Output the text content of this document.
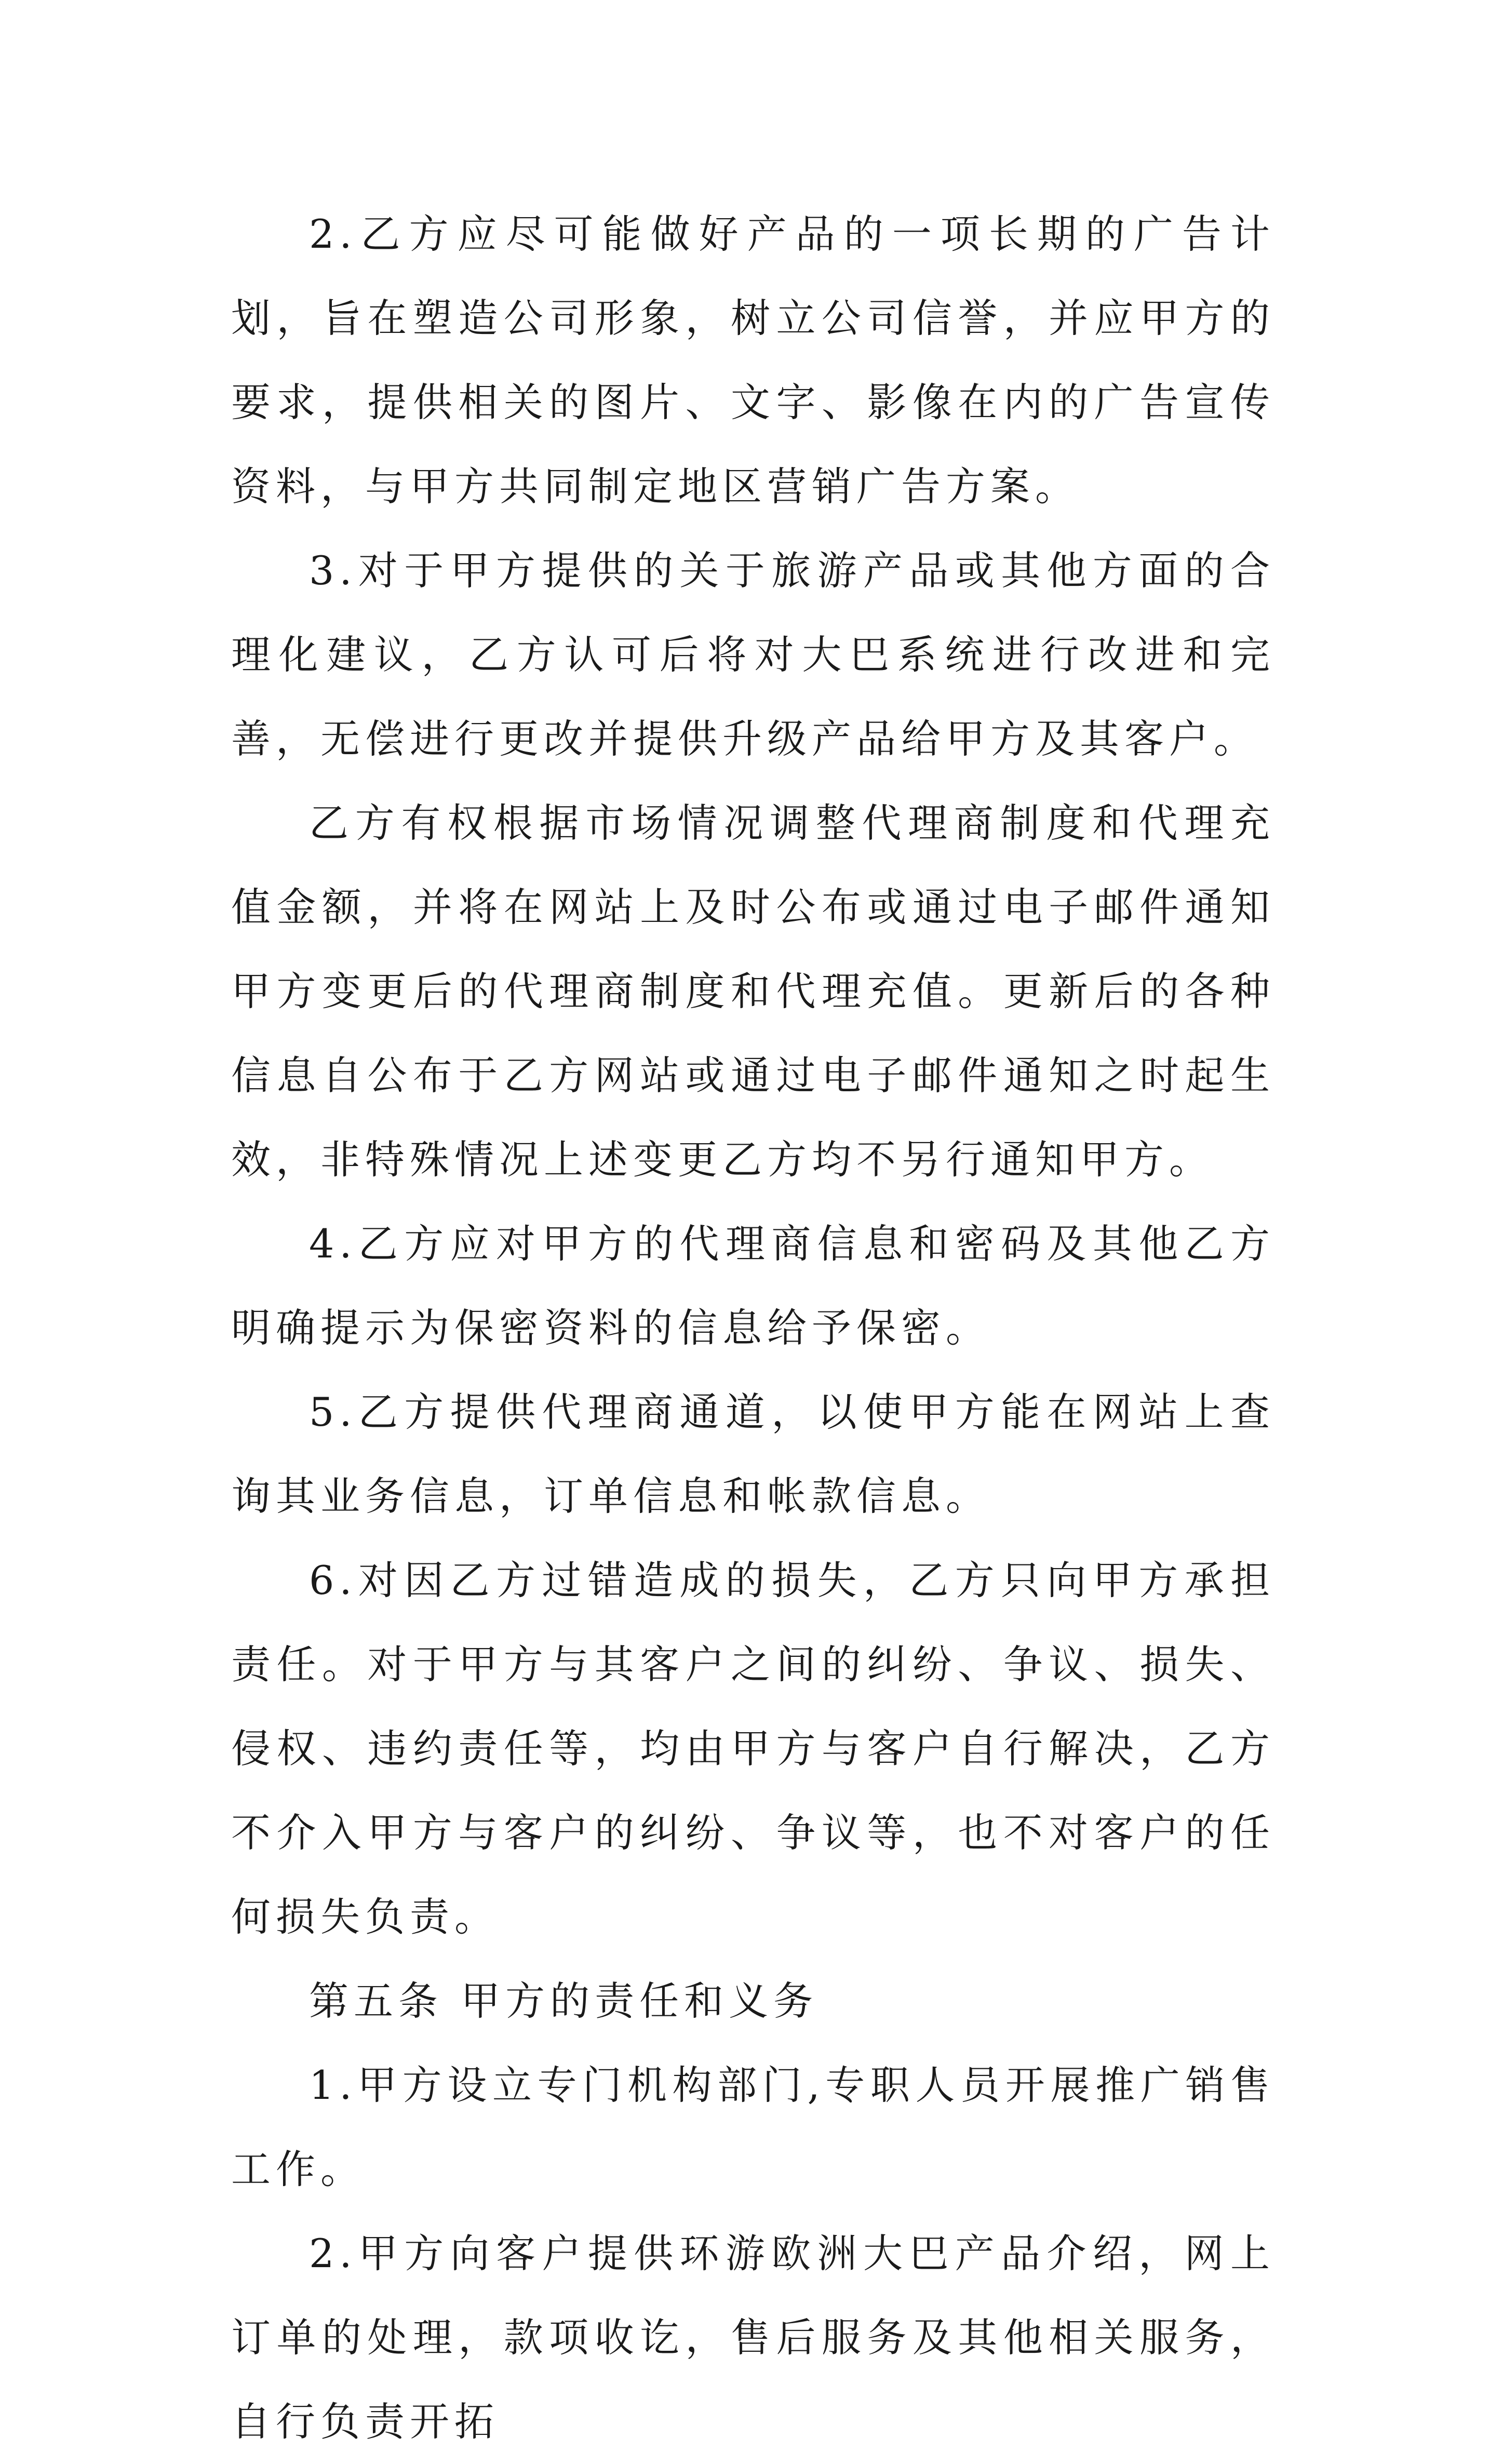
2.乙方应尽可能做好产品的一项长期的广告计划，旨在塑造公司形象，树立公司信誉，并应甲方的要求，提供相关的图片、文字、影像在内的广告宣传资料，与甲方共同制定地区营销广告方案。

3.对于甲方提供的关于旅游产品或其他方面的合理化建议，乙方认可后将对大巴系统进行改进和完善，无偿进行更改并提供升级产品给甲方及其客户。

乙方有权根据市场情况调整代理商制度和代理充值金额，并将在网站上及时公布或通过电子邮件通知甲方变更后的代理商制度和代理充值。更新后的各种信息自公布于乙方网站或通过电子邮件通知之时起生效，非特殊情况上述变更乙方均不另行通知甲方。

4.乙方应对甲方的代理商信息和密码及其他乙方明确提示为保密资料的信息给予保密。

5.乙方提供代理商通道，以使甲方能在网站上查询其业务信息，订单信息和帐款信息。

6.对因乙方过错造成的损失，乙方只向甲方承担责任。对于甲方与其客户之间的纠纷、争议、损失、侵权、违约责任等，均由甲方与客户自行解决，乙方不介入甲方与客户的纠纷、争议等，也不对客户的任何损失负责。

第五条 甲方的责任和义务

1.甲方设立专门机构部门,专职人员开展推广销售工作。

2.甲方向客户提供环游欧洲大巴产品介绍，网上订单的处理，款项收讫，售后服务及其他相关服务，自行负责开拓
